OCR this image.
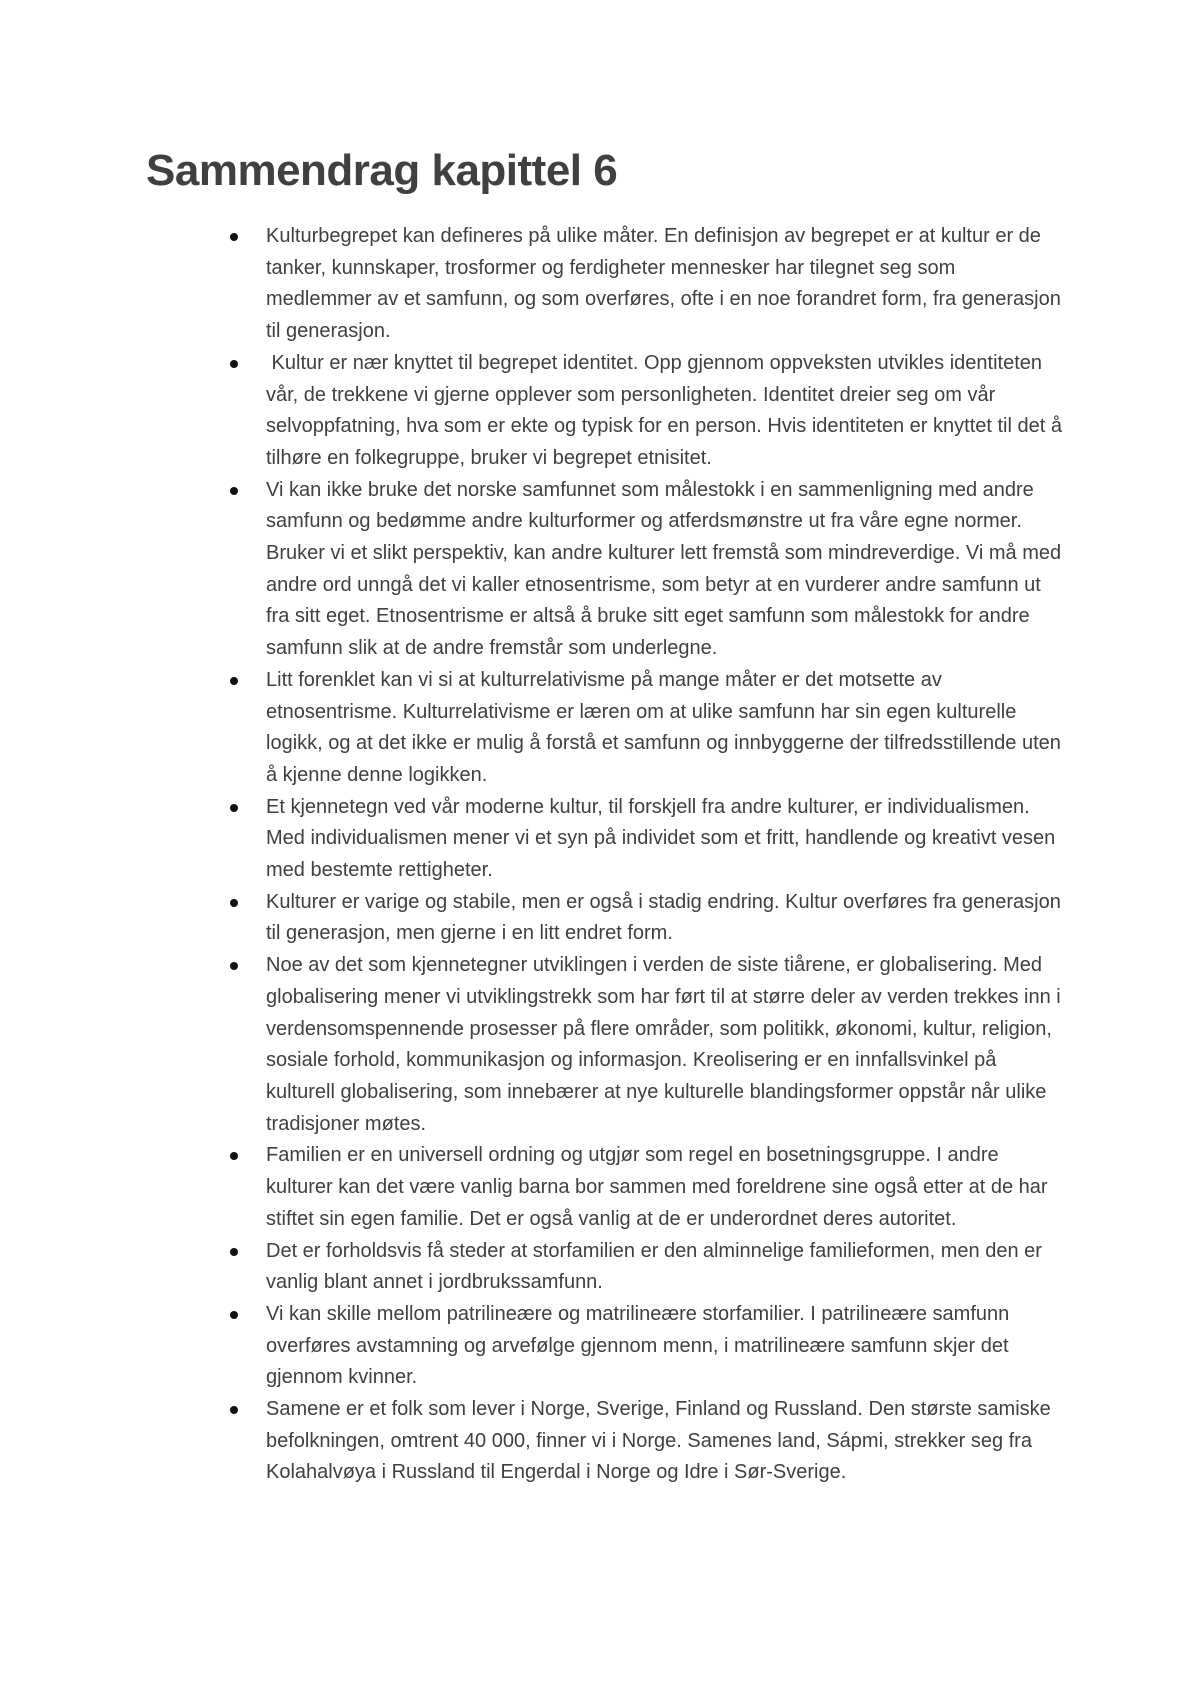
Sammendrag kapittel 6
Kulturbegrepet kan defineres på ulike måter. En definisjon av begrepet er at kultur er de tanker, kunnskaper, trosformer og ferdigheter mennesker har tilegnet seg som medlemmer av et samfunn, og som overføres, ofte i en noe forandret form, fra generasjon til generasjon.
Kultur er nær knyttet til begrepet identitet. Opp gjennom oppveksten utvikles identiteten vår, de trekkene vi gjerne opplever som personligheten. Identitet dreier seg om vår selvoppfatning, hva som er ekte og typisk for en person. Hvis identiteten er knyttet til det å tilhøre en folkegruppe, bruker vi begrepet etnisitet.
Vi kan ikke bruke det norske samfunnet som målestokk i en sammenligning med andre samfunn og bedømme andre kulturformer og atferdsmønstre ut fra våre egne normer. Bruker vi et slikt perspektiv, kan andre kulturer lett fremstå som mindreverdige. Vi må med andre ord unngå det vi kaller etnosentrisme, som betyr at en vurderer andre samfunn ut fra sitt eget. Etnosentrisme er altså å bruke sitt eget samfunn som målestokk for andre samfunn slik at de andre fremstår som underlegne.
Litt forenklet kan vi si at kulturrelativisme på mange måter er det motsette av etnosentrisme. Kulturrelativisme er læren om at ulike samfunn har sin egen kulturelle logikk, og at det ikke er mulig å forstå et samfunn og innbyggerne der tilfredsstillende uten å kjenne denne logikken.
Et kjennetegn ved vår moderne kultur, til forskjell fra andre kulturer, er individualismen. Med individualismen mener vi et syn på individet som et fritt, handlende og kreativt vesen med bestemte rettigheter.
Kulturer er varige og stabile, men er også i stadig endring. Kultur overføres fra generasjon til generasjon, men gjerne i en litt endret form.
Noe av det som kjennetegner utviklingen i verden de siste tiårene, er globalisering. Med globalisering mener vi utviklingstrekk som har ført til at større deler av verden trekkes inn i verdensomspennende prosesser på flere områder, som politikk, økonomi, kultur, religion, sosiale forhold, kommunikasjon og informasjon. Kreolisering er en innfallsvinkel på kulturell globalisering, som innebærer at nye kulturelle blandingsformer oppstår når ulike tradisjoner møtes.
Familien er en universell ordning og utgjør som regel en bosetningsgruppe. I andre kulturer kan det være vanlig barna bor sammen med foreldrene sine også etter at de har stiftet sin egen familie. Det er også vanlig at de er underordnet deres autoritet.
Det er forholdsvis få steder at storfamilien er den alminnelige familieformen, men den er vanlig blant annet i jordbrukssamfunn.
Vi kan skille mellom patrilineære og matrilineære storfamilier. I patrilineære samfunn overføres avstamning og arvefølge gjennom menn, i matrilineære samfunn skjer det gjennom kvinner.
Samene er et folk som lever i Norge, Sverige, Finland og Russland. Den største samiske befolkningen, omtrent 40 000, finner vi i Norge. Samenes land, Sápmi, strekker seg fra Kolahalvøya i Russland til Engerdal i Norge og Idre i Sør-Sverige.
